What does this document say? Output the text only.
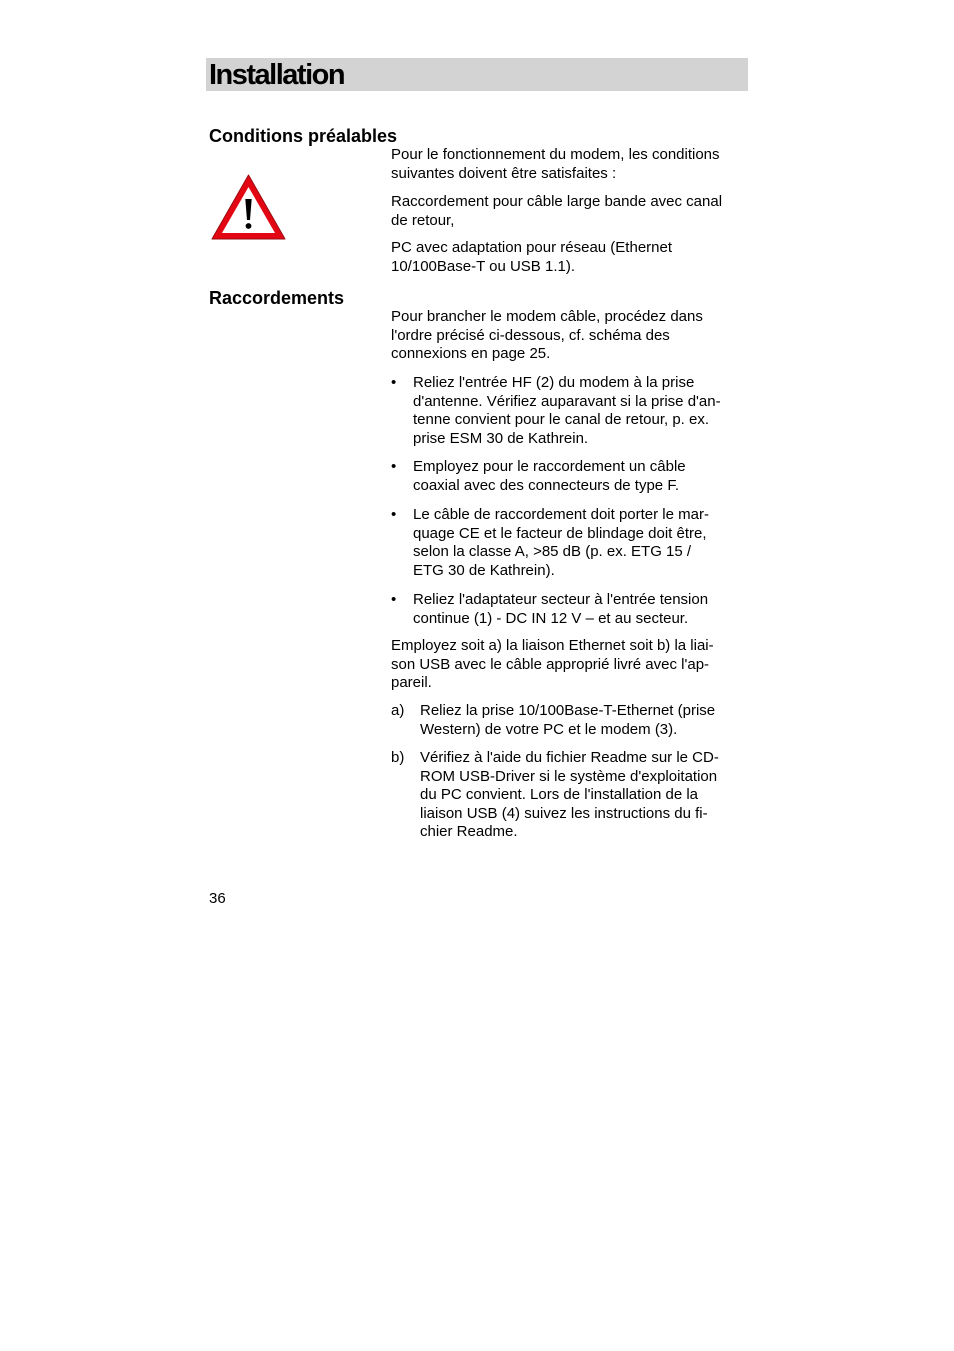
Installation
Conditions préalables

Pour le fonctionnement du modem, les conditions

suivantes doivent être satisfaites :

Raccordement pour câble large bande avec canal

de retour,

PC avec adaptation pour réseau (Ethernet

10/100Base-T ou USB 1.1).

Raccordements

Pour brancher le modem câble, procédez dans

l'ordre précisé ci-dessous, cf. schéma des

connexions en page 25.

• Reliez l'entrée HF (2) du modem à la prise

d'antenne. Vérifiez auparavant si la prise d'an-

tenne convient pour le canal de retour, p. ex.

prise ESM 30 de Kathrein.

• Employez pour le raccordement un câble

coaxial avec des connecteurs de type F.

• Le câble de raccordement doit porter le mar-

quage CE et le facteur de blindage doit être,

selon la classe A, >85 dB (p. ex. ETG 15 /

ETG 30 de Kathrein).

• Reliez l'adaptateur secteur à l'entrée tension

continue (1) - DC IN 12 V – et au secteur.

Employez soit a) la liaison Ethernet soit b) la liai-

son USB avec le câble approprié livré avec l'ap-

pareil.

a) Reliez la prise 10/100Base-T-Ethernet (prise

Western) de votre PC et le modem (3).

b) Vérifiez à l'aide du fichier Readme sur le CD-

ROM USB-Driver si le système d'exploitation

du PC convient. Lors de l'installation de la

liaison USB (4) suivez les instructions du fi-

chier Readme.

36
